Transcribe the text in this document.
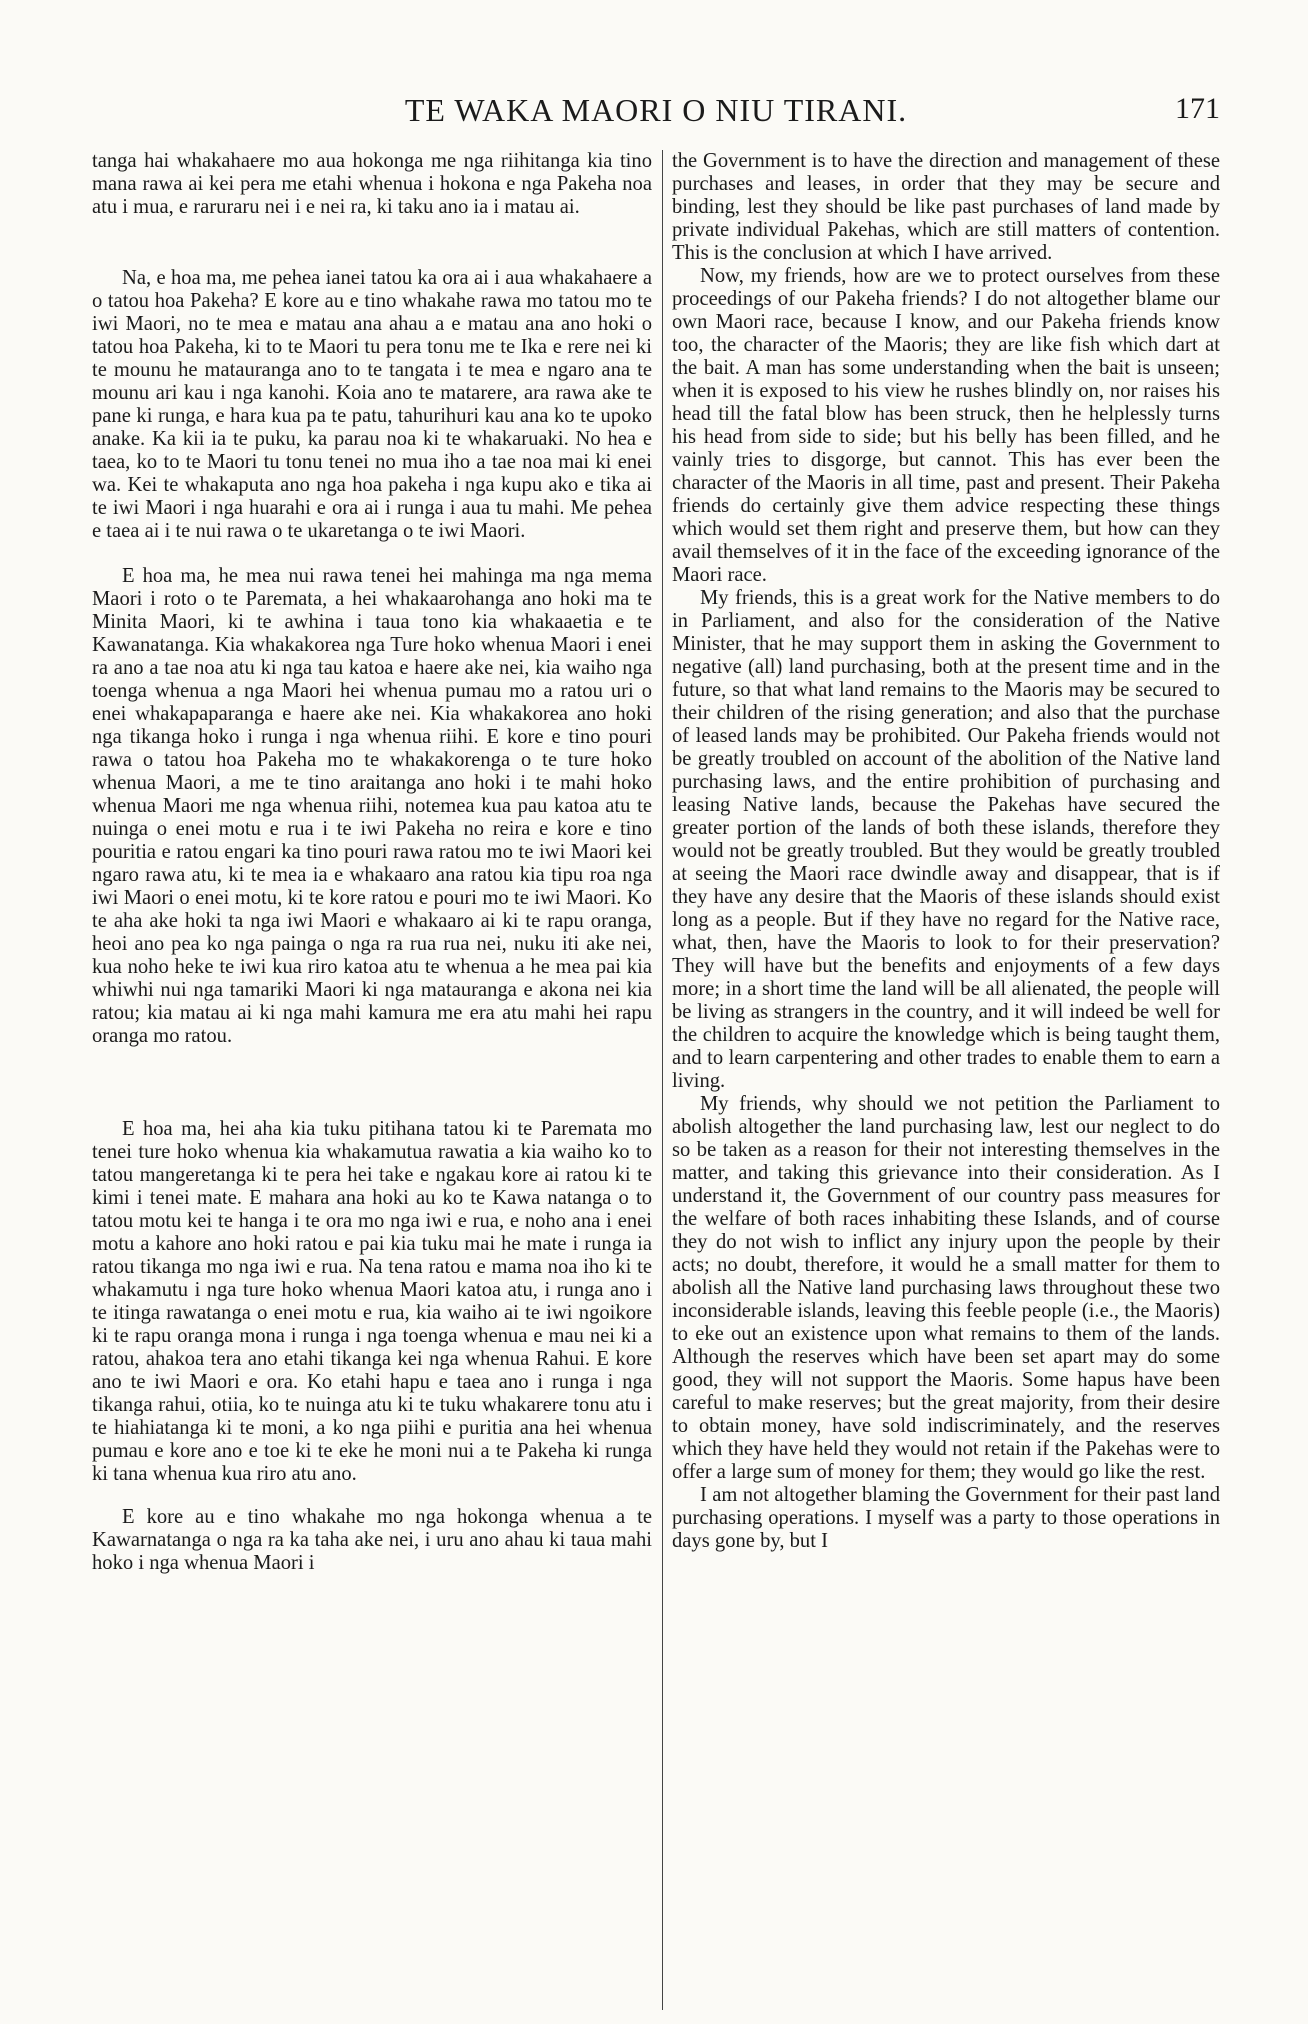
TE WAKA MAORI O NIU TIRANI.	171

tanga hai whakahaere mo aua hokonga me nga riihitanga kia tino mana rawa ai kei pera me etahi whenua i hokona e nga Pakeha noa atu i mua, e raruraru nei i e nei ra, ki taku ano ia i matau ai.

Na, e hoa ma, me pehea ianei tatou ka ora ai i aua whakahaere a o tatou hoa Pakeha? E kore au e tino whakahe rawa mo tatou mo te iwi Maori, no te mea e matau ana ahau a e matau ana ano hoki o tatou hoa Pakeha, ki to te Maori tu pera tonu me te Ika e rere nei ki te mounu he matauranga ano to te tangata i te mea e ngaro ana te mounu ari kau i nga kanohi. Koia ano te matarere, ara rawa ake te pane ki runga, e hara kua pa te patu, tahurihuri kau ana ko te upoko anake. Ka kii ia te puku, ka parau noa ki te whakaruaki. No hea e taea, ko to te Maori tu tonu tenei no mua iho a tae noa mai ki enei wa. Kei te whakaputa ano nga hoa pakeha i nga kupu ako e tika ai te iwi Maori i nga huarahi e ora ai i runga i aua tu mahi. Me pehea e taea ai i te nui rawa o te ukaretanga o te iwi Maori.

E hoa ma, he mea nui rawa tenei hei mahinga ma nga mema Maori i roto o te Paremata, a hei whakaarohanga ano hoki ma te Minita Maori, ki te awhina i taua tono kia whakaaetia e te Kawanatanga. Kia whakakorea nga Ture hoko whenua Maori i enei ra ano a tae noa atu ki nga tau katoa e haere ake nei, kia waiho nga toenga whenua a nga Maori hei whenua pumau mo a ratou uri o enei whakapaparanga e haere ake nei. Kia whakakorea ano hoki nga tikanga hoko i runga i nga whenua riihi. E kore e tino pouri rawa o tatou hoa Pakeha mo te whakakorenga o te ture hoko whenua Maori, a me te tino araitanga ano hoki i te mahi hoko whenua Maori me nga whenua riihi, notemea kua pau katoa atu te nuinga o enei motu e rua i te iwi Pakeha no reira e kore e tino pouritia e ratou engari ka tino pouri rawa ratou mo te iwi Maori kei ngaro rawa atu, ki te mea ia e whakaaro ana ratou kia tipu roa nga iwi Maori o enei motu, ki te kore ratou e pouri mo te iwi Maori. Ko te aha ake hoki ta nga iwi Maori e whakaaro ai ki te rapu oranga, heoi ano pea ko nga painga o nga ra rua rua nei, nuku iti ake nei, kua noho heke te iwi kua riro katoa atu te whenua a he mea pai kia whiwhi nui nga tamariki Maori ki nga matauranga e akona nei kia ratou; kia matau ai ki nga mahi kamura me era atu mahi hei rapu oranga mo ratou.

E hoa ma, hei aha kia tuku pitihana tatou ki te Paremata mo tenei ture hoko whenua kia whakamutua rawatia a kia waiho ko to tatou mangeretanga ki te pera hei take e ngakau kore ai ratou ki te kimi i tenei mate. E mahara ana hoki au ko te Kawa natanga o to tatou motu kei te hanga i te ora mo nga iwi e rua, e noho ana i enei motu a kahore ano hoki ratou e pai kia tuku mai he mate i runga ia ratou tikanga mo nga iwi e rua. Na tena ratou e mama noa iho ki te whakamutu i nga ture hoko whenua Maori katoa atu, i runga ano i te itinga rawatanga o enei motu e rua, kia waiho ai te iwi ngoikore ki te rapu oranga mona i runga i nga toenga whenua e mau nei ki a ratou, ahakoa tera ano etahi tikanga kei nga whenua Rahui. E kore ano te iwi Maori e ora. Ko etahi hapu e taea ano i runga i nga tikanga rahui, otiia, ko te nuinga atu ki te tuku whakarere tonu atu i te hiahiatanga ki te moni, a ko nga piihi e puritia ana hei whenua pumau e kore ano e toe ki te eke he moni nui a te Pakeha ki runga ki tana whenua kua riro atu ano.

E kore au e tino whakahe mo nga hokonga whenua a te Kawarnatanga o nga ra ka taha ake nei, i uru ano ahau ki taua mahi hoko i nga whenua Maori i

the Government is to have the direction and management of these purchases and leases, in order that they may be secure and binding, lest they should be like past purchases of land made by private individual Pakehas, which are still matters of contention. This is the conclusion at which I have arrived.

Now, my friends, how are we to protect ourselves from these proceedings of our Pakeha friends? I do not altogether blame our own Maori race, because I know, and our Pakeha friends know too, the character of the Maoris; they are like fish which dart at the bait. A man has some understanding when the bait is unseen; when it is exposed to his view he rushes blindly on, nor raises his head till the fatal blow has been struck, then he helplessly turns his head from side to side; but his belly has been filled, and he vainly tries to disgorge, but cannot. This has ever been the character of the Maoris in all time, past and present. Their Pakeha friends do certainly give them advice respecting these things which would set them right and preserve them, but how can they avail themselves of it in the face of the exceeding ignorance of the Maori race.

My friends, this is a great work for the Native members to do in Parliament, and also for the consideration of the Native Minister, that he may support them in asking the Government to negative (all) land purchasing, both at the present time and in the future, so that what land remains to the Maoris may be secured to their children of the rising generation; and also that the purchase of leased lands may be prohibited. Our Pakeha friends would not be greatly troubled on account of the abolition of the Native land purchasing laws, and the entire prohibition of purchasing and leasing Native lands, because the Pakehas have secured the greater portion of the lands of both these islands, therefore they would not be greatly troubled. But they would be greatly troubled at seeing the Maori race dwindle away and disappear, that is if they have any desire that the Maoris of these islands should exist long as a people. But if they have no regard for the Native race, what, then, have the Maoris to look to for their preservation? They will have but the benefits and enjoyments of a few days more; in a short time the land will be all alienated, the people will be living as strangers in the country, and it will indeed be well for the children to acquire the knowledge which is being taught them, and to learn carpentering and other trades to enable them to earn a living.

My friends, why should we not petition the Parliament to abolish altogether the land purchasing law, lest our neglect to do so be taken as a reason for their not interesting themselves in the matter, and taking this grievance into their consideration. As I understand it, the Government of our country pass measures for the welfare of both races inhabiting these Islands, and of course they do not wish to inflict any injury upon the people by their acts; no doubt, therefore, it would he a small matter for them to abolish all the Native land purchasing laws throughout these two inconsiderable islands, leaving this feeble people (i.e., the Maoris) to eke out an existence upon what remains to them of the lands. Although the reserves which have been set apart may do some good, they will not support the Maoris. Some hapus have been careful to make reserves; but the great majority, from their desire to obtain money, have sold indiscriminately, and the reserves which they have held they would not retain if the Pakehas were to offer a large sum of money for them; they would go like the rest.

I am not altogether blaming the Government for their past land purchasing operations. I myself was a party to those operations in days gone by, but I
